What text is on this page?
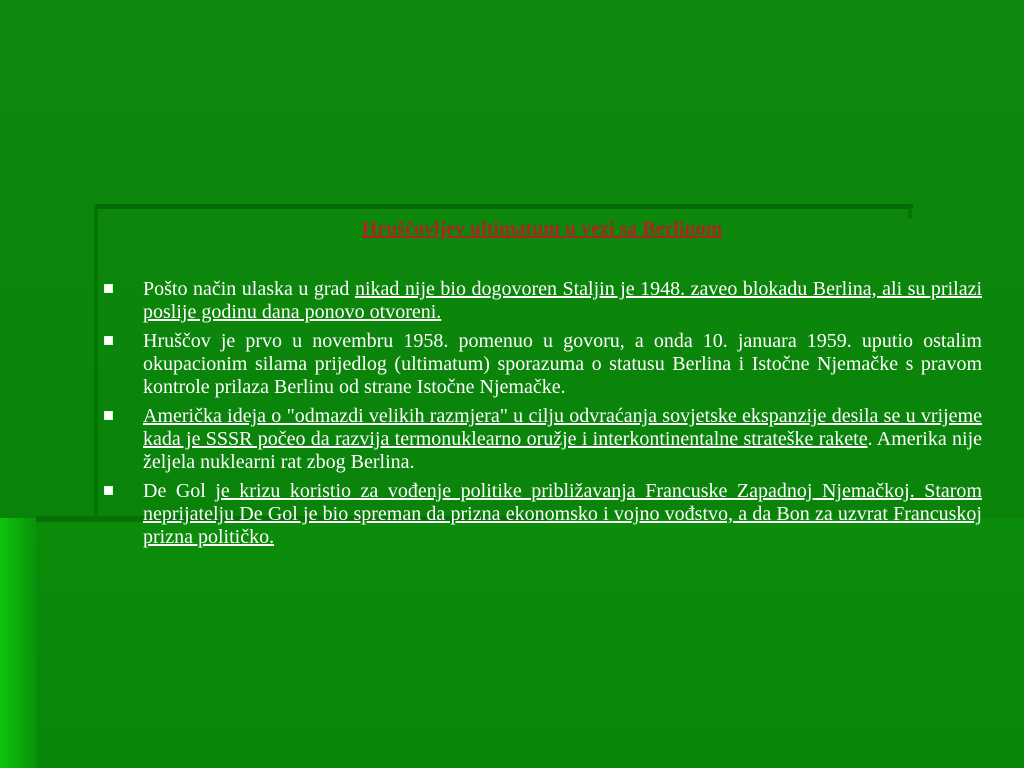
Hruščovljev ultimatum u vezi sa Berlinom
Pošto način ulaska u grad nikad nije bio dogovoren Staljin je 1948. zaveo blokadu Berlina, ali su prilazi poslije godinu dana ponovo otvoreni.
Hruščov je prvo u novembru 1958. pomenuo u govoru, a onda 10. januara 1959. uputio ostalim okupacionim silama prijedlog (ultimatum) sporazuma o statusu Berlina i Istočne Njemačke s pravom kontrole prilaza Berlinu od strane Istočne Njemačke.
Američka ideja o "odmazdi velikih razmjera" u cilju odvraćanja sovjetske ekspanzije desila se u vrijeme kada je SSSR počeo da razvija termonuklearno oružje i interkontinentalne strateške rakete. Amerika nije željela nuklearni rat zbog Berlina.
De Gol je krizu koristio za vođenje politike približavanja Francuske Zapadnoj Njemačkoj. Starom neprijatelju De Gol je bio spreman da prizna ekonomsko i vojno vođstvo, a da Bon za uzvrat Francuskoj prizna političko.
